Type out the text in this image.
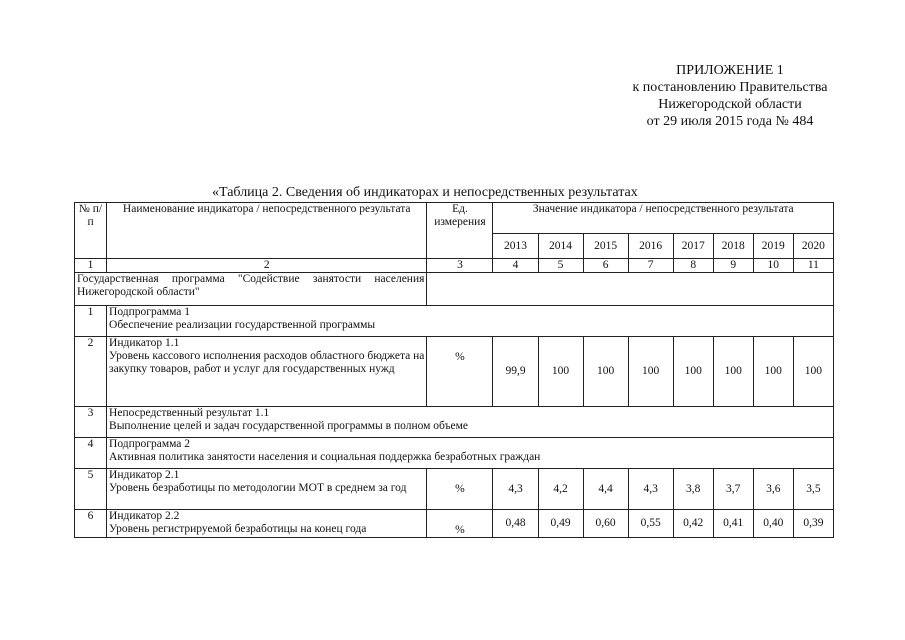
ПРИЛОЖЕНИЕ 1
к постановлению Правительства
Нижегородской области
от 29 июля 2015 года № 484
«Таблица 2. Сведения об индикаторах и непосредственных результатах
№ п/п	Наименование индикатора / непосредственного результата	Ед. измерения	Значение индикатора / непосредственного результата							
			2013	2014	2015	2016	2017	2018	2019	2020
1	2	3	4	5	6	7	8	9	10	11
Государственная программа "Содействие занятости населения Нижегородской области"										
1	Подпрограмма 1
Обеспечение реализации государственной программы									

2	Индикатор 1.1
Уровень кассового исполнения расходов областного бюджета на закупку товаров, работ и услуг для государственных нужд	%	99,9	100	100	100	100	100	100	100
3	Непосредственный результат 1.1
Выполнение целей и задач государственной программы в полном объеме									

4	Подпрограмма 2
Активная политика занятости населения и социальная поддержка безработных граждан									

5	Индикатор 2.1
Уровень безработицы по методологии МОТ в среднем за год	%	4,3	4,2	4,4	4,3	3,8	3,7	3,6	3,5
6	Индикатор 2.2
Уровень регистрируемой безработицы на конец года	%	0,48	0,49	0,60	0,55	0,42	0,41	0,40	0,39
